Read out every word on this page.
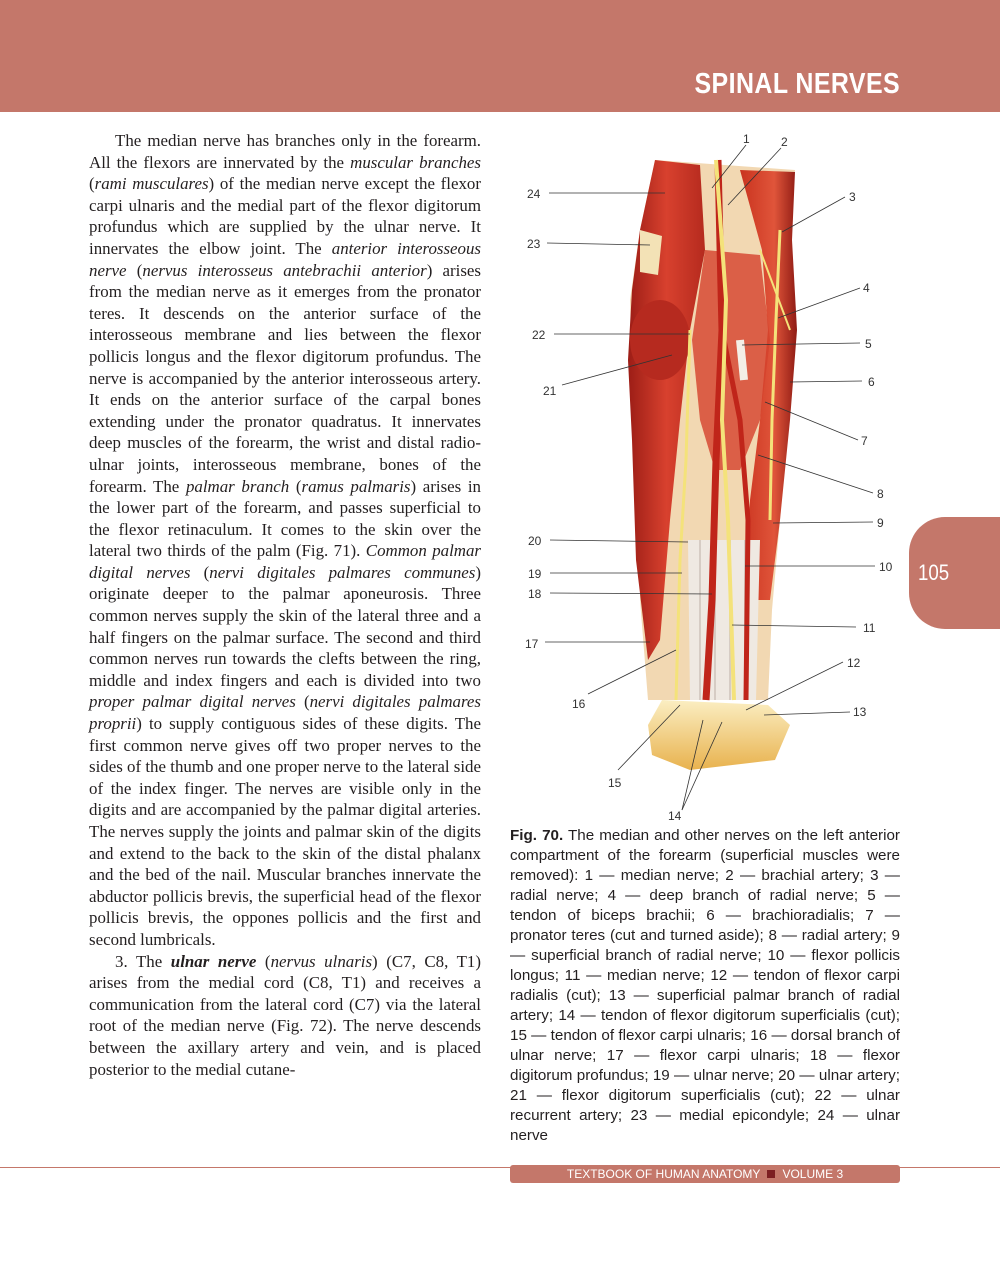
SPINAL NERVES

The median nerve has branches only in the forearm. All the flexors are innervated by the muscular branches (rami musculares) of the median nerve except the flexor carpi ulnaris and the medial part of the flexor digitorum profundus which are supplied by the ulnar nerve. It innervates the elbow joint. The anterior interosseous nerve (nervus interosseus antebrachii anterior) arises from the median nerve as it emerges from the pronator teres. It descends on the anterior surface of the interosseous membrane and lies between the flexor pollicis longus and the flexor digitorum profundus. The nerve is accompanied by the anterior interosseous artery. It ends on the anterior surface of the carpal bones extending under the pronator quadratus. It innervates deep muscles of the forearm, the wrist and distal radio-ulnar joints, interosseous membrane, bones of the forearm. The palmar branch (ramus palmaris) arises in the lower part of the forearm, and passes superficial to the flexor retinaculum. It comes to the skin over the lateral two thirds of the palm (Fig. 71). Common palmar digital nerves (nervi digitales palmares communes) originate deeper to the palmar aponeurosis. Three common nerves supply the skin of the lateral three and a half fingers on the palmar surface. The second and third common nerves run towards the clefts between the ring, middle and index fingers and each is divided into two proper palmar digital nerves (nervi digitales palmares proprii) to supply contiguous sides of these digits. The first common nerve gives off two proper nerves to the sides of the thumb and one proper nerve to the lateral side of the index finger. The nerves are visible only in the digits and are accompanied by the palmar digital arteries. The nerves supply the joints and palmar skin of the digits and extend to the back to the skin of the distal phalanx and the bed of the nail. Muscular branches innervate the abductor pollicis brevis, the superficial head of the flexor pollicis brevis, the oppones pollicis and the first and second lumbricals.

3. The ulnar nerve (nervus ulnaris) (C7, C8, T1) arises from the medial cord (C8, T1) and receives a communication from the lateral cord (C7) via the lateral root of the median nerve (Fig. 72). The nerve descends between the axillary artery and vein, and is placed posterior to the medial cutane-

1	2
3
4
5
6
7
8
9
10
11
12
13
14
15
16
17
18
19
20
21
22
23
24
Fig. 70. The median and other nerves on the left anterior compartment of the forearm (superficial muscles were removed): 1 — median nerve; 2 — brachial artery; 3 — radial nerve; 4 — deep branch of radial nerve; 5 — tendon of biceps brachii; 6 — brachioradialis; 7 — pronator teres (cut and turned aside); 8 — radial artery; 9 — superficial branch of radial nerve; 10 — flexor pollicis longus; 11 — median nerve; 12 — tendon of flexor carpi radialis (cut); 13 — superficial palmar branch of radial artery; 14 — tendon of flexor digitorum superficialis (cut); 15 — tendon of flexor carpi ulnaris; 16 — dorsal branch of ulnar nerve; 17 — flexor carpi ulnaris; 18 — flexor digitorum profundus; 19 — ulnar nerve; 20 — ulnar artery; 21 — flexor digitorum superficialis (cut); 22 — ulnar recurrent artery; 23 — medial epicondyle; 24 — ulnar nerve
105
TEXTBOOK OF HUMAN ANATOMY VOLUME 3
